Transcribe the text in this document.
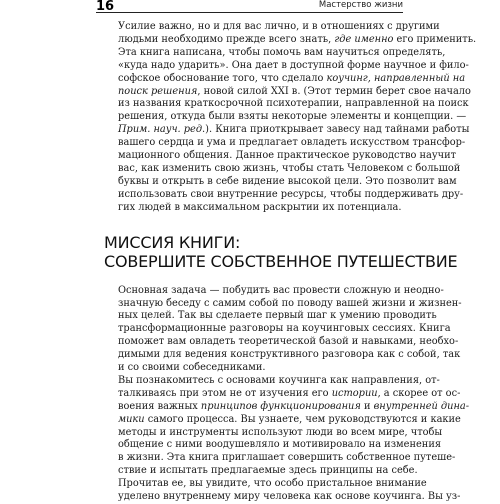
16	Мастерство жизни
Усилие важно, но и для вас лично, и в отношениях с другими
людьми необходимо прежде всего знать, где именно его применить.
Эта книга написана, чтобы помочь вам научиться определять,
«куда надо ударить». Она дает в доступной форме научное и фило-
софское обоснование того, что сделало коучинг, направленный на
поиск решения, новой силой XXI в. (Этот термин берет свое начало
из названия краткосрочной психотерапии, направленной на поиск
решения, откуда были взяты некоторые элементы и концепции. —
Прим. науч. ред.). Книга приоткрывает завесу над тайнами работы
вашего сердца и ума и предлагает овладеть искусством трансфор-
мационного общения. Данное практическое руководство научит
вас, как изменить свою жизнь, чтобы стать Человеком с большой
буквы и открыть в себе видение высокой цели. Это позволит вам
использовать свои внутренние ресурсы, чтобы поддерживать дру-
гих людей в максимальном раскрытии их потенциала.
МИССИЯ КНИГИ:
СОВЕРШИТЕ СОБСТВЕННОЕ ПУТЕШЕСТВИЕ
Основная задача — побудить вас провести сложную и неодно-
значную беседу с самим собой по поводу вашей жизни и жизнен-
ных целей. Так вы сделаете первый шаг к умению проводить
трансформационные разговоры на коучинговых сессиях. Книга
поможет вам овладеть теоретической базой и навыками, необхо-
димыми для ведения конструктивного разговора как с собой, так
и со своими собеседниками.
Вы познакомитесь с основами коучинга как направления, от-
талкиваясь при этом не от изучения его истории, а скорее от ос-
воения важных принципов функционирования и внутренней дина-
мики самого процесса. Вы узнаете, чем руководствуются и какие
методы и инструменты используют люди во всем мире, чтобы
общение с ними воодушевляло и мотивировало на изменения
в жизни. Эта книга приглашает совершить собственное путеше-
ствие и испытать предлагаемые здесь принципы на себе.
Прочитав ее, вы увидите, что особо пристальное внимание
уделено внутреннему миру человека как основе коучинга. Вы уз-
